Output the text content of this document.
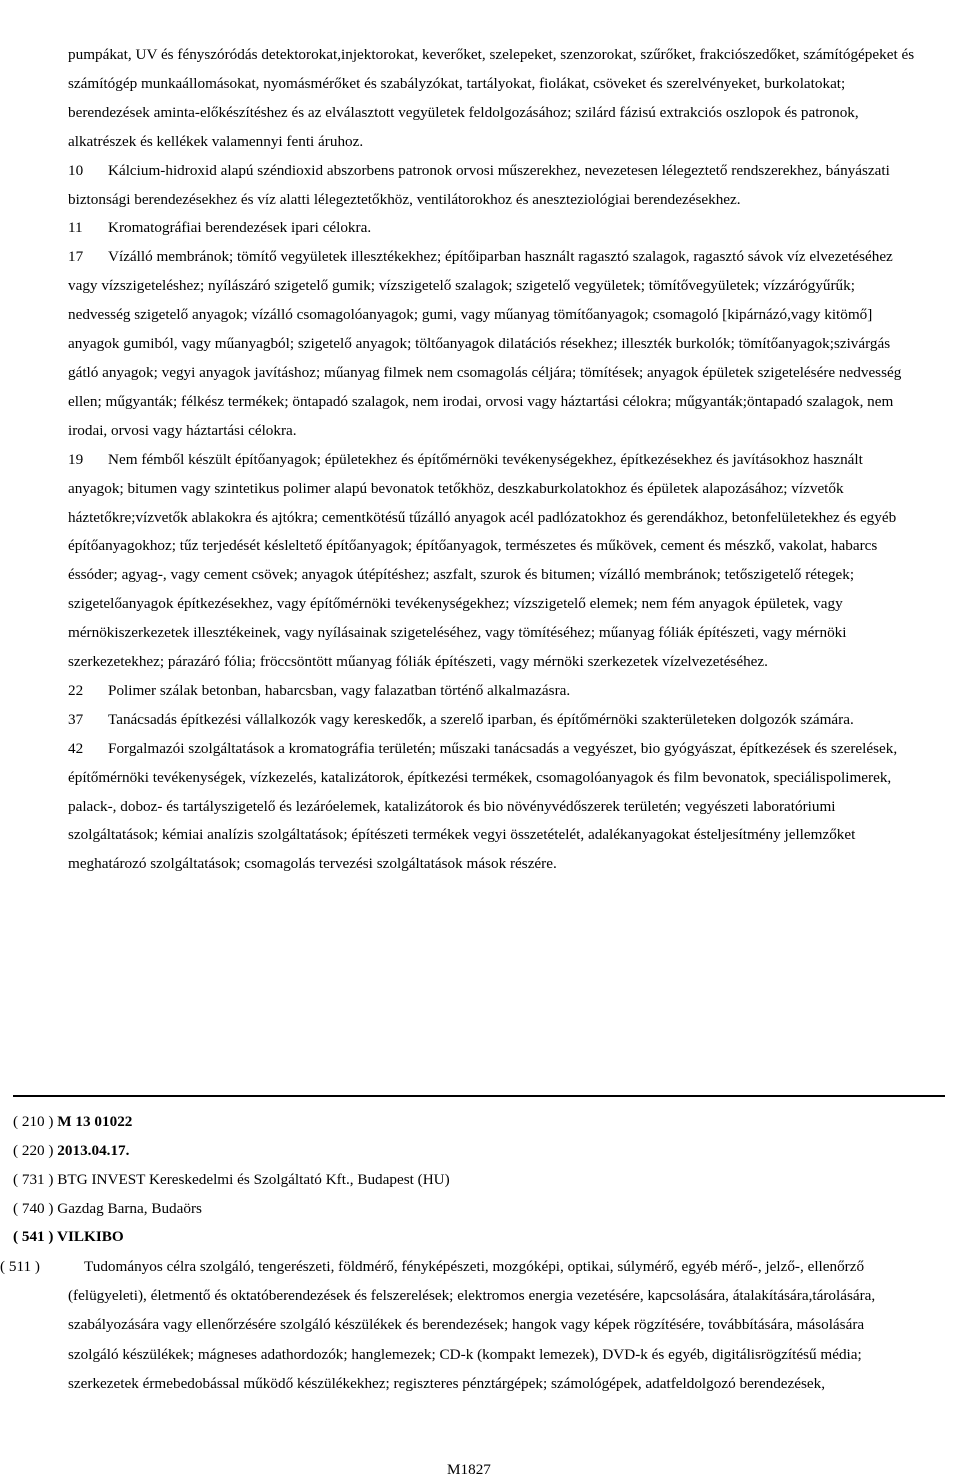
Szabadalmi Közlöny és Védjegyértesítő 118. évfolyam 16. szám, 2013.08.28.
Nemzeti védjegybejelentések meghirdetése

pumpákat, UV és fényszóródás detektorokat,injektorokat, keverőket, szelepeket, szenzorokat, szűrőket, frakciószedőket, számítógépeket és számítógép munkaállomásokat, nyomásmérőket és szabályzókat, tartályokat, fiolákat, csöveket és szerelvényeket, burkolatokat; berendezések aminta-előkészítéshez és az elválasztott vegyületek feldolgozásához; szilárd fázisú extrakciós oszlopok és patronok, alkatrészek és kellékek valamennyi fenti áruhoz.

10 Kálcium-hidroxid alapú széndioxid abszorbens patronok orvosi műszerekhez, nevezetesen lélegeztető rendszerekhez, bányászati biztonsági berendezésekhez és víz alatti lélegeztetőkhöz, ventilátorokhoz és aneszteziológiai berendezésekhez.

11 Kromatográfiai berendezések ipari célokra.

17 Vízálló membránok; tömítő vegyületek illesztékekhez; építőiparban használt ragasztó szalagok, ragasztó sávok víz elvezetéséhez vagy vízszigeteléshez; nyílászáró szigetelő gumik; vízszigetelő szalagok; szigetelő vegyületek; tömítővegyületek; vízzárógyűrűk; nedvesség szigetelő anyagok; vízálló csomagolóanyagok; gumi, vagy műanyag tömítőanyagok; csomagoló [kipárnázó,vagy kitömő] anyagok gumiból, vagy műanyagból; szigetelő anyagok; töltőanyagok dilatációs résekhez; illeszték burkolók; tömítőanyagok;szivárgás gátló anyagok; vegyi anyagok javításhoz; műanyag filmek nem csomagolás céljára; tömítések; anyagok épületek szigetelésére nedvesség ellen; műgyanták; félkész termékek; öntapadó szalagok, nem irodai, orvosi vagy háztartási célokra; műgyanták;öntapadó szalagok, nem irodai, orvosi vagy háztartási célokra.

19 Nem fémből készült építőanyagok; épületekhez és építőmérnöki tevékenységekhez, építkezésekhez és javításokhoz használt anyagok; bitumen vagy szintetikus polimer alapú bevonatok tetőkhöz, deszkaburkolatokhoz és épületek alapozásához; vízvetők háztetőkre;vízvetők ablakokra és ajtókra; cementkötésű tűzálló anyagok acél padlózatokhoz és gerendákhoz, betonfelületekhez és egyéb építőanyagokhoz; tűz terjedését késleltető építőanyagok; építőanyagok, természetes és műkövek, cement és mészkő, vakolat, habarcs éssóder; agyag-, vagy cement csövek; anyagok útépítéshez; aszfalt, szurok és bitumen; vízálló membránok; tetőszigetelő rétegek; szigetelőanyagok építkezésekhez, vagy építőmérnöki tevékenységekhez; vízszigetelő elemek; nem fém anyagok épületek, vagy mérnökiszerkezetek illesztékeinek, vagy nyílásainak szigeteléséhez, vagy tömítéséhez; műanyag fóliák építészeti, vagy mérnöki szerkezetekhez; párazáró fólia; fröccsöntött műanyag fóliák építészeti, vagy mérnöki szerkezetek vízelvezetéséhez.

22 Polimer szálak betonban, habarcsban, vagy falazatban történő alkalmazásra.

37 Tanácsadás építkezési vállalkozók vagy kereskedők, a szerelő iparban, és építőmérnöki szakterületeken dolgozók számára.

42 Forgalmazói szolgáltatások a kromatográfia területén; műszaki tanácsadás a vegyészet, bio gyógyászat, építkezések és szerelések, építőmérnöki tevékenységek, vízkezelés, katalizátorok, építkezési termékek, csomagolóanyagok és film bevonatok, speciálispolimerek, palack-, doboz- és tartályszigetelő és lezáróelemek, katalizátorok és bio növényvédőszerek területén; vegyészeti laboratóriumi szolgáltatások; kémiai analízis szolgáltatások; építészeti termékek vegyi összetételét, adalékanyagokat ésteljesítmény jellemzőket meghatározó szolgáltatások; csomagolás tervezési szolgáltatások mások részére.

( 210 ) M 13 01022
( 220 ) 2013.04.17.
( 731 ) BTG INVEST Kereskedelmi és Szolgáltató Kft., Budapest (HU)
( 740 ) Gazdag Barna, Budaörs
( 541 ) VILKIBO
( 511 )	Tudományos célra szolgáló, tengerészeti, földmérő, fényképészeti, mozgóképi, optikai, súlymérő, egyéb mérő-, jelző-, ellenőrző (felügyeleti), életmentő és oktatóberendezések és felszerelések; elektromos energia vezetésére, kapcsolására, átalakítására,tárolására, szabályozására vagy ellenőrzésére szolgáló készülékek és berendezések; hangok vagy képek rögzítésére, továbbítására, másolására szolgáló készülékek; mágneses adathordozók; hanglemezek; CD-k (kompakt lemezek), DVD-k és egyéb, digitálisrögzítésű média; szerkezetek érmebedobással működő készülékekhez; regiszteres pénztárgépek; számológépek, adatfeldolgozó berendezések,
M1827
